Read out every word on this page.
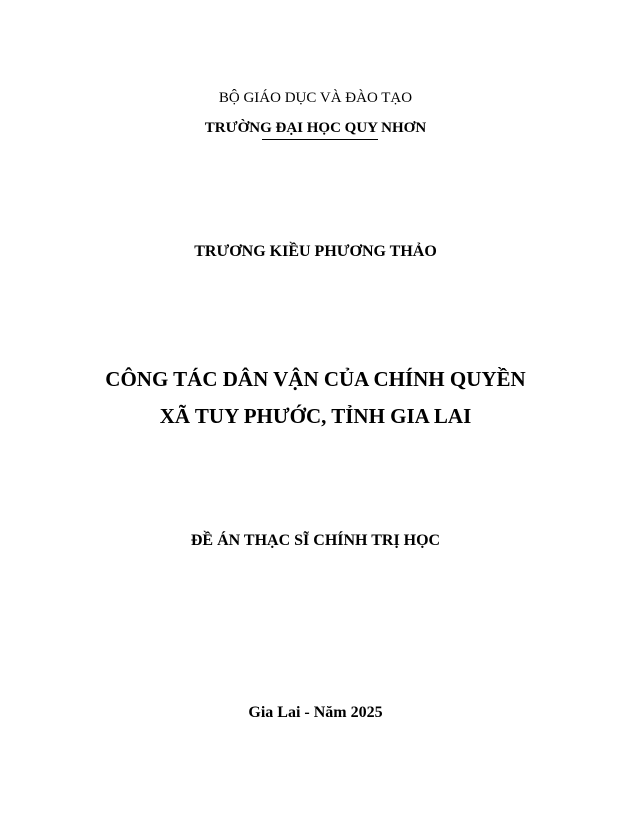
BỘ GIÁO DỤC VÀ ĐÀO TẠO
TRƯỜNG ĐẠI HỌC QUY NHƠN
TRƯƠNG KIỀU PHƯƠNG THẢO
CÔNG TÁC DÂN VẬN CỦA CHÍNH QUYỀN
XÃ TUY PHƯỚC, TỈNH GIA LAI
ĐỀ ÁN THẠC SĨ CHÍNH TRỊ HỌC
Gia Lai - Năm 2025
